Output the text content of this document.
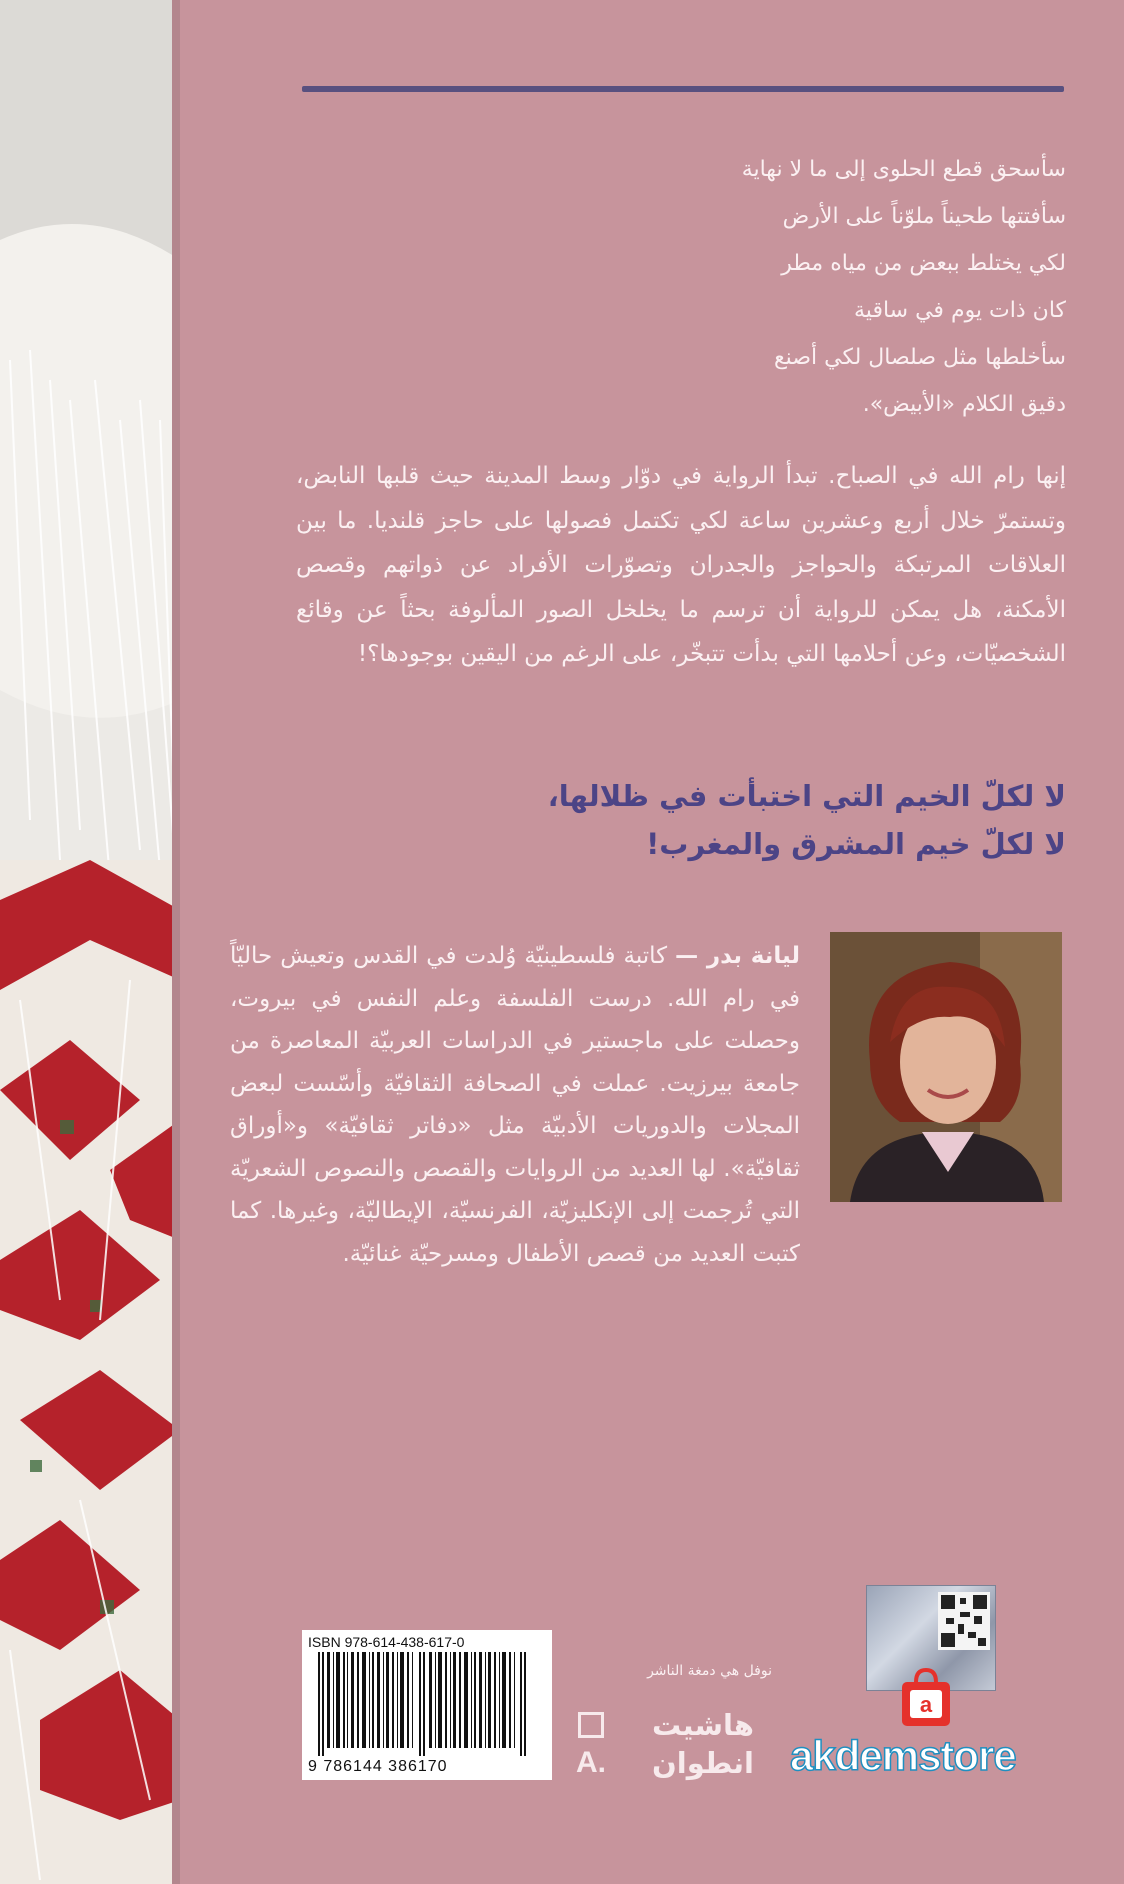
سأسحق قطع الحلوى إلى ما لا نهاية

سأفتتها طحيناً ملوّناً على الأرض

لكي يختلط ببعض من مياه مطر

كان ذات يوم في ساقية

سأخلطها مثل صلصال لكي أصنع

دقيق الكلام «الأبيض».

إنها رام الله في الصباح. تبدأ الرواية في دوّار وسط المدينة حيث قلبها النابض، وتستمرّ خلال أربع وعشرين ساعة لكي تكتمل فصولها على حاجز قلنديا. ما بين العلاقات المرتبكة والحواجز والجدران وتصوّرات الأفراد عن ذواتهم وقصص الأمكنة، هل يمكن للرواية أن ترسم ما يخلخل الصور المألوفة بحثاً عن وقائع الشخصيّات، وعن أحلامها التي بدأت تتبخّر، على الرغم من اليقين بوجودها؟!

لا لكلّ الخيم التي اختبأت في ظلالها،

لا لكلّ خيم المشرق والمغرب!

ليانة بدر — كاتبة فلسطينيّة وُلدت في القدس وتعيش حاليّاً في رام الله. درست الفلسفة وعلم النفس في بيروت، وحصلت على ماجستير في الدراسات العربيّة المعاصرة من جامعة بيرزيت. عملت في الصحافة الثقافيّة وأسّست لبعض المجلات والدوريات الأدبيّة مثل «دفاتر ثقافيّة» و«أوراق ثقافيّة». لها العديد من الروايات والقصص والنصوص الشعريّة التي تُرجمت إلى الإنكليزيّة، الفرنسيّة، الإيطاليّة، وغيرها. كما كتبت العديد من قصص الأطفال ومسرحيّة غنائيّة.
ISBN 978-614-438-617-0
9 786144 386170
نوفل هي دمغة الناشر
هاشيت
A. انطوان
a
akdemstore
